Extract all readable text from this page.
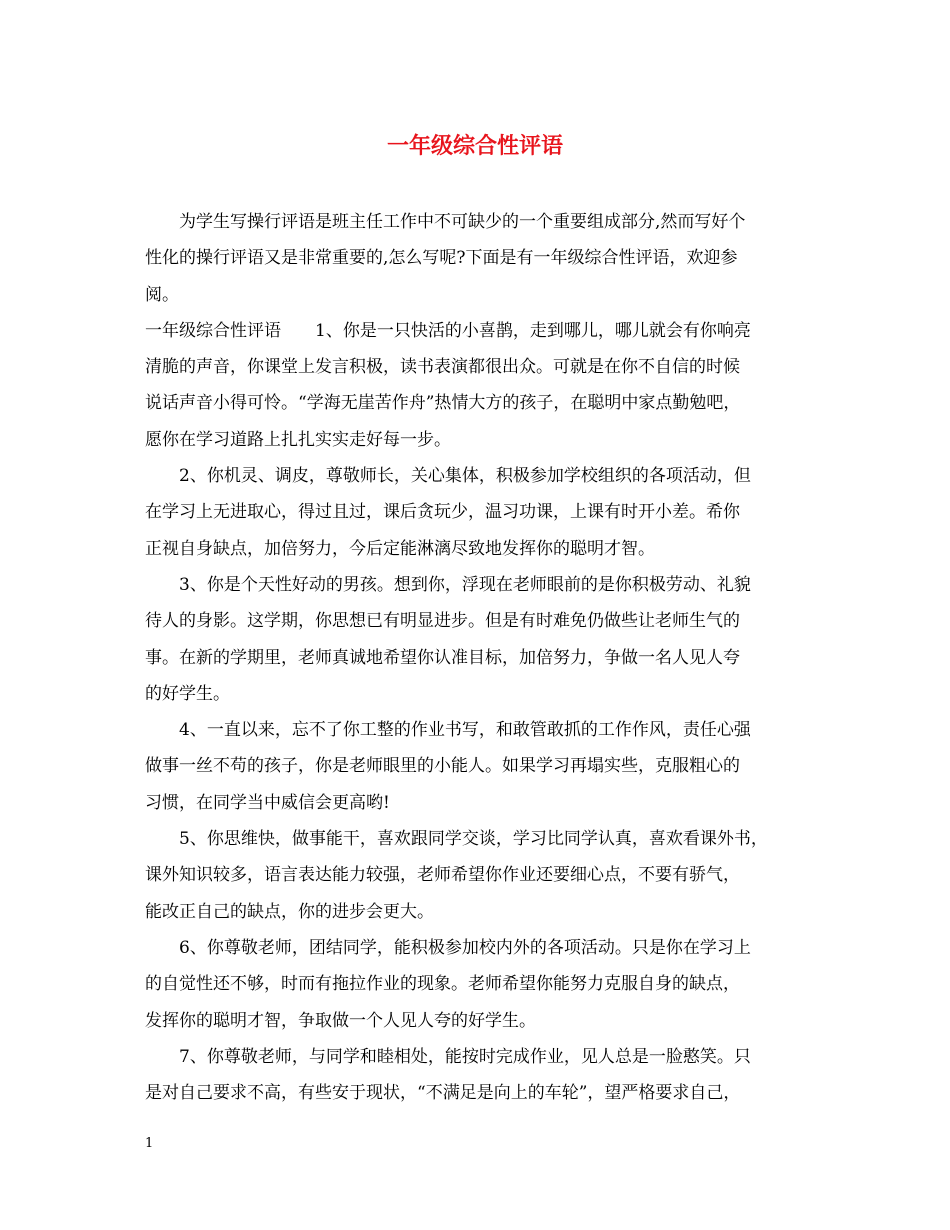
一年级综合性评语
为学生写操行评语是班主任工作中不可缺少的一个重要组成部分,然而写好个
性化的操行评语又是非常重要的,怎么写呢?下面是有一年级综合性评语，欢迎参
阅。
一年级综合性评语　　1、你是一只快活的小喜鹊，走到哪儿，哪儿就会有你响亮
清脆的声音，你课堂上发言积极，读书表演都很出众。可就是在你不自信的时候
说话声音小得可怜。“学海无崖苦作舟”热情大方的孩子，在聪明中家点勤勉吧，
愿你在学习道路上扎扎实实走好每一步。
2、你机灵、调皮，尊敬师长，关心集体，积极参加学校组织的各项活动，但
在学习上无进取心，得过且过，课后贪玩少，温习功课，上课有时开小差。希你
正视自身缺点，加倍努力，今后定能淋漓尽致地发挥你的聪明才智。
3、你是个天性好动的男孩。想到你，浮现在老师眼前的是你积极劳动、礼貌
待人的身影。这学期，你思想已有明显进步。但是有时难免仍做些让老师生气的
事。在新的学期里，老师真诚地希望你认准目标，加倍努力，争做一名人见人夸
的好学生。
4、一直以来，忘不了你工整的作业书写，和敢管敢抓的工作作风，责任心强
做事一丝不苟的孩子，你是老师眼里的小能人。如果学习再塌实些，克服粗心的
习惯，在同学当中威信会更高哟!
5、你思维快，做事能干，喜欢跟同学交谈，学习比同学认真，喜欢看课外书，
课外知识较多，语言表达能力较强，老师希望你作业还要细心点，不要有骄气，
能改正自己的缺点，你的进步会更大。
6、你尊敬老师，团结同学，能积极参加校内外的各项活动。只是你在学习上
的自觉性还不够，时而有拖拉作业的现象。老师希望你能努力克服自身的缺点，
发挥你的聪明才智，争取做一个人见人夸的好学生。
7、你尊敬老师，与同学和睦相处，能按时完成作业，见人总是一脸憨笑。只
是对自己要求不高，有些安于现状，“不满足是向上的车轮”，望严格要求自己，
1
